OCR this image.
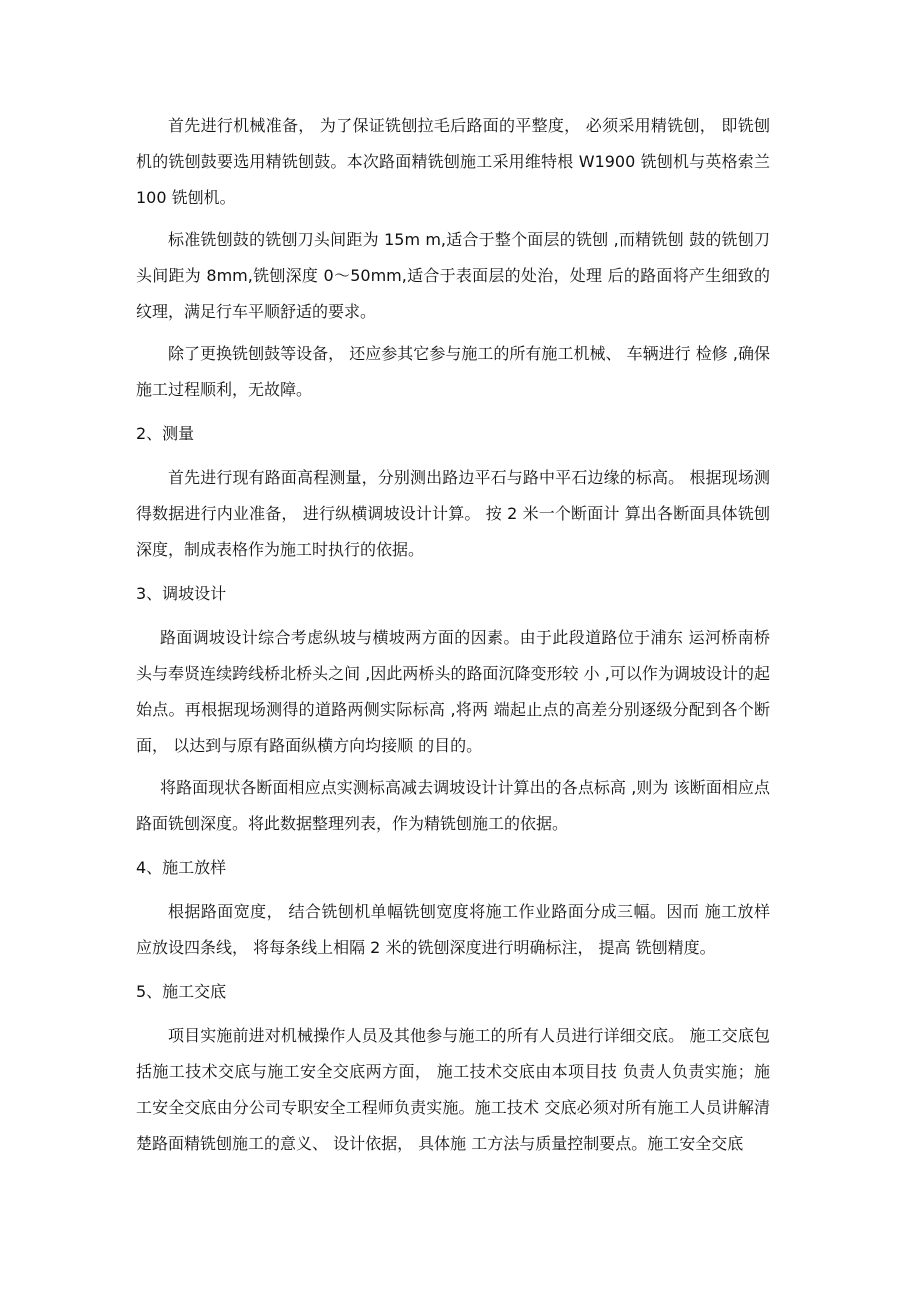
首先进行机械准备， 为了保证铣刨拉毛后路面的平整度， 必须采用精铣刨， 即铣刨机的铣刨鼓要选用精铣刨鼓。本次路面精铣刨施工采用维特根 W1900 铣刨机与英格索兰 100 铣刨机。

标准铣刨鼓的铣刨刀头间距为 15m m,适合于整个面层的铣刨 ,而精铣刨 鼓的铣刨刀头间距为 8mm,铣刨深度 0〜50mm,适合于表面层的处治，处理 后的路面将产生细致的纹理，满足行车平顺舒适的要求。

除了更换铣刨鼓等设备， 还应参其它参与施工的所有施工机械、 车辆进行 检修 ,确保施工过程顺利，无故障。

2、测量

首先进行现有路面高程测量，分别测出路边平石与路中平石边缘的标高。 根据现场测得数据进行内业准备， 进行纵横调坡设计计算。 按 2 米一个断面计 算出各断面具体铣刨深度，制成表格作为施工时执行的依据。

3、调坡设计

路面调坡设计综合考虑纵坡与横坡两方面的因素。由于此段道路位于浦东 运河桥南桥头与奉贤连续跨线桥北桥头之间 ,因此两桥头的路面沉降变形较 小 ,可以作为调坡设计的起始点。再根据现场测得的道路两侧实际标高 ,将两 端起止点的高差分别逐级分配到各个断面， 以达到与原有路面纵横方向均接顺 的目的。

将路面现状各断面相应点实测标高减去调坡设计计算出的各点标高 ,则为 该断面相应点路面铣刨深度。将此数据整理列表，作为精铣刨施工的依据。

4、施工放样

根据路面宽度， 结合铣刨机单幅铣刨宽度将施工作业路面分成三幅。因而 施工放样应放设四条线， 将每条线上相隔 2 米的铣刨深度进行明确标注， 提高 铣刨精度。

5、施工交底

项目实施前进对机械操作人员及其他参与施工的所有人员进行详细交底。 施工交底包括施工技术交底与施工安全交底两方面， 施工技术交底由本项目技 负责人负责实施；施工安全交底由分公司专职安全工程师负责实施。施工技术 交底必须对所有施工人员讲解清楚路面精铣刨施工的意义、 设计依据， 具体施 工方法与质量控制要点。施工安全交底
